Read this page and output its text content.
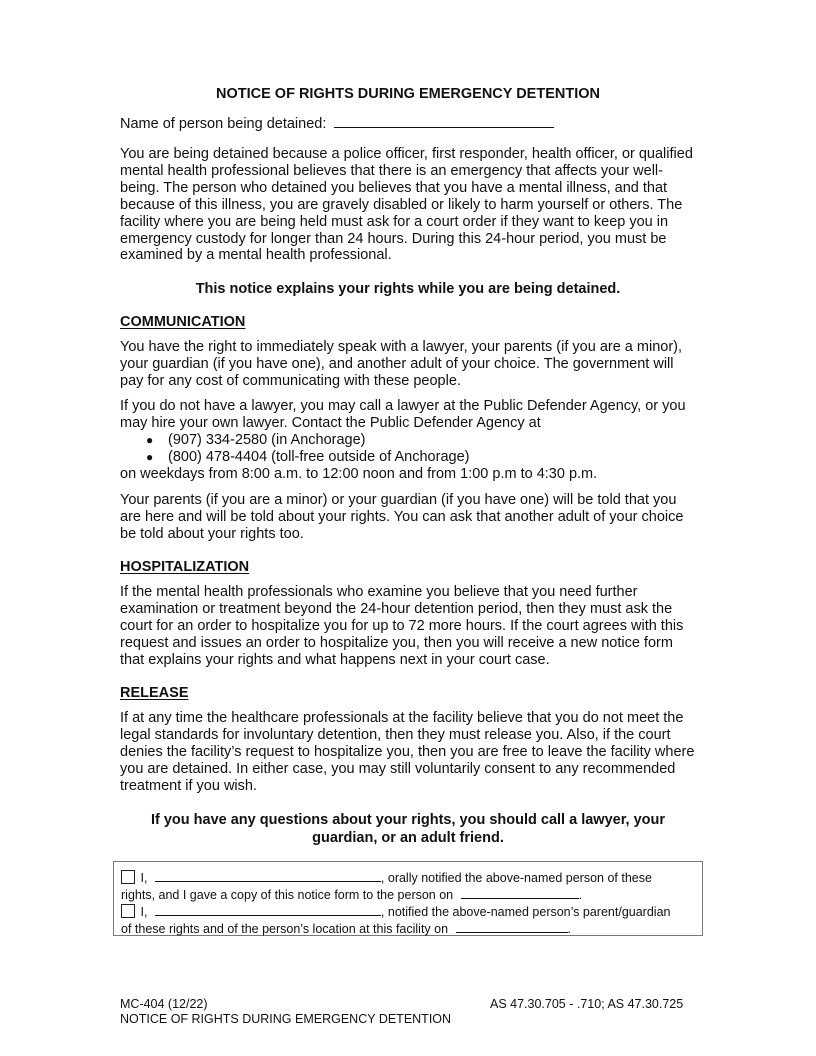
NOTICE OF RIGHTS DURING EMERGENCY DETENTION
Name of person being detained:
You are being detained because a police officer, first responder, health officer, or qualified mental health professional believes that there is an emergency that affects your well-being. The person who detained you believes that you have a mental illness, and that because of this illness, you are gravely disabled or likely to harm yourself or others. The facility where you are being held must ask for a court order if they want to keep you in emergency custody for longer than 24 hours. During this 24-hour period, you must be examined by a mental health professional.
This notice explains your rights while you are being detained.
COMMUNICATION
You have the right to immediately speak with a lawyer, your parents (if you are a minor), your guardian (if you have one), and another adult of your choice. The government will pay for any cost of communicating with these people.
If you do not have a lawyer, you may call a lawyer at the Public Defender Agency, or you may hire your own lawyer. Contact the Public Defender Agency at
● (907) 334-2580 (in Anchorage)
● (800) 478-4404 (toll-free outside of Anchorage)
on weekdays from 8:00 a.m. to 12:00 noon and from 1:00 p.m to 4:30 p.m.
Your parents (if you are a minor) or your guardian (if you have one) will be told that you are here and will be told about your rights. You can ask that another adult of your choice be told about your rights too.
HOSPITALIZATION
If the mental health professionals who examine you believe that you need further examination or treatment beyond the 24-hour detention period, then they must ask the court for an order to hospitalize you for up to 72 more hours. If the court agrees with this request and issues an order to hospitalize you, then you will receive a new notice form that explains your rights and what happens next in your court case.
RELEASE
If at any time the healthcare professionals at the facility believe that you do not meet the legal standards for involuntary detention, then they must release you. Also, if the court denies the facility’s request to hospitalize you, then you are free to leave the facility where you are detained. In either case, you may still voluntarily consent to any recommended treatment if you wish.
If you have any questions about your rights, you should call a lawyer, your
guardian, or an adult friend.
I,	, orally notified the above-named person of these
rights, and I gave a copy of this notice form to the person on	.
I,	, notified the above-named person’s parent/guardian
of these rights and of the person’s location at this facility on	.
MC-404 (12/22)
NOTICE OF RIGHTS DURING EMERGENCY DETENTION
AS 47.30.705 - .710; AS 47.30.725
